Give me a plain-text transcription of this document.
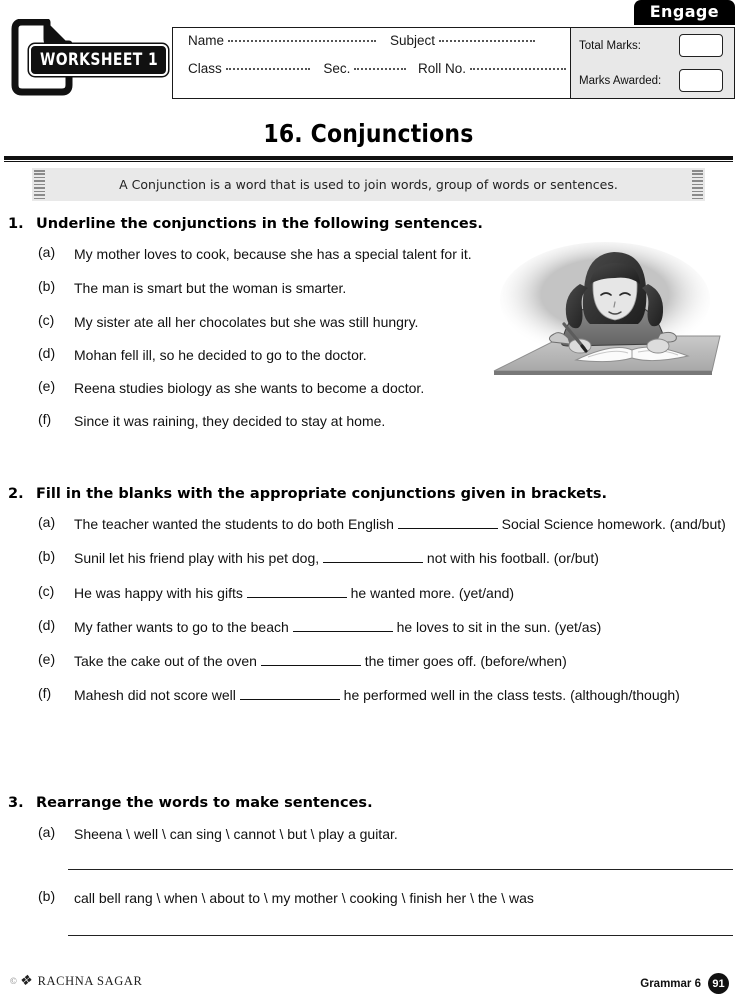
Engage
WORKSHEET 1
Name	Subject
Class	Sec.	Roll No.
Total Marks:
Marks Awarded:
16. Conjunctions
A Conjunction is a word that is used to join words, group of words or sentences.
1. Underline the conjunctions in the following sentences.
(a)	My mother loves to cook, because she has a special talent for it.
(b)	The man is smart but the woman is smarter.
(c)	My sister ate all her chocolates but she was still hungry.
(d)	Mohan fell ill, so he decided to go to the doctor.
(e)	Reena studies biology as she wants to become a doctor.
(f)	Since it was raining, they decided to stay at home.
2. Fill in the blanks with the appropriate conjunctions given in brackets.
(a)	The teacher wanted the students to do both English	Social Science homework. (and/but)
(b)	Sunil let his friend play with his pet dog,	not with his football. (or/but)
(c)	He was happy with his gifts	he wanted more. (yet/and)
(d)	My father wants to go to the beach	he loves to sit in the sun. (yet/as)
(e)	Take the cake out of the oven	the timer goes off. (before/when)
(f)	Mahesh did not score well	he performed well in the class tests. (although/though)
3. Rearrange the words to make sentences.
(a)	Sheena \ well \ can sing \ cannot \ but \ play a guitar.
(b)	call bell rang \ when \ about to \ my mother \ cooking \ finish her \ the \ was
© ❖ RACHNA SAGAR	Grammar 6	91
